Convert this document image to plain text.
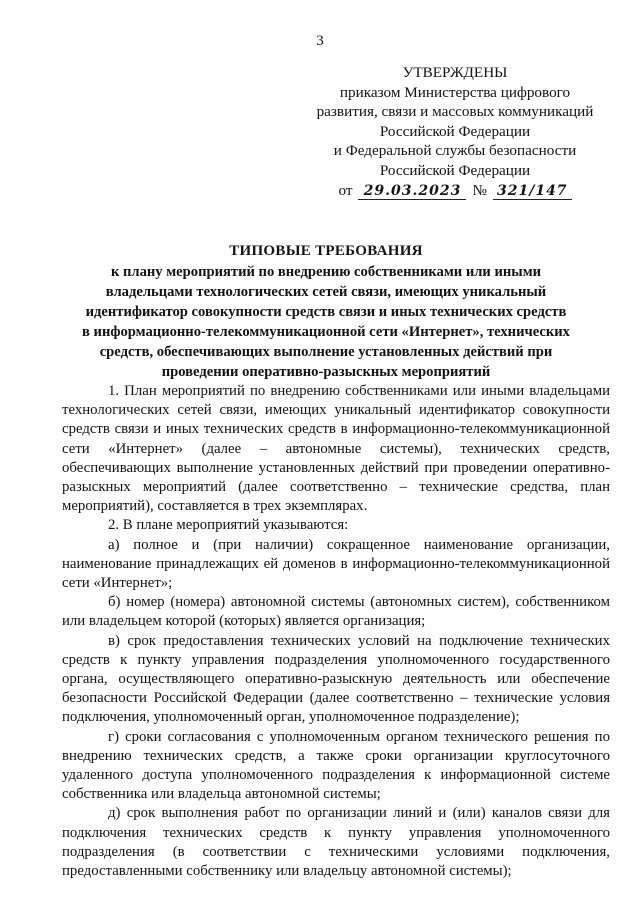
3
УТВЕРЖДЕНЫ
приказом Министерства цифрового
развития, связи и массовых коммуникаций
Российской Федерации
и Федеральной службы безопасности
Российской Федерации
от 29.03.2023 № 321/147
ТИПОВЫЕ ТРЕБОВАНИЯ
к плану мероприятий по внедрению собственниками или иными
владельцами технологических сетей связи, имеющих уникальный
идентификатор совокупности средств связи и иных технических средств
в информационно-телекоммуникационной сети «Интернет», технических
средств, обеспечивающих выполнение установленных действий при
проведении оперативно-разыскных мероприятий

1. План мероприятий по внедрению собственниками или иными владельцами технологических сетей связи, имеющих уникальный идентификатор совокупности средств связи и иных технических средств в информационно-телекоммуникационной сети «Интернет» (далее – автономные системы), технических средств, обеспечивающих выполнение установленных действий при проведении оперативно-разыскных мероприятий (далее соответственно – технические средства, план мероприятий), составляется в трех экземплярах.

2. В плане мероприятий указываются:

а) полное и (при наличии) сокращенное наименование организации, наименование принадлежащих ей доменов в информационно-телекоммуникационной сети «Интернет»;

б) номер (номера) автономной системы (автономных систем), собственником или владельцем которой (которых) является организация;

в) срок предоставления технических условий на подключение технических средств к пункту управления подразделения уполномоченного государственного органа, осуществляющего оперативно-разыскную деятельность или обеспечение безопасности Российской Федерации (далее соответственно – технические условия подключения, уполномоченный орган, уполномоченное подразделение);

г) сроки согласования с уполномоченным органом технического решения по внедрению технических средств, а также сроки организации круглосуточного удаленного доступа уполномоченного подразделения к информационной системе собственника или владельца автономной системы;

д) срок выполнения работ по организации линий и (или) каналов связи для подключения технических средств к пункту управления уполномоченного подразделения (в соответствии с техническими условиями подключения, предоставленными собственнику или владельцу автономной системы);
